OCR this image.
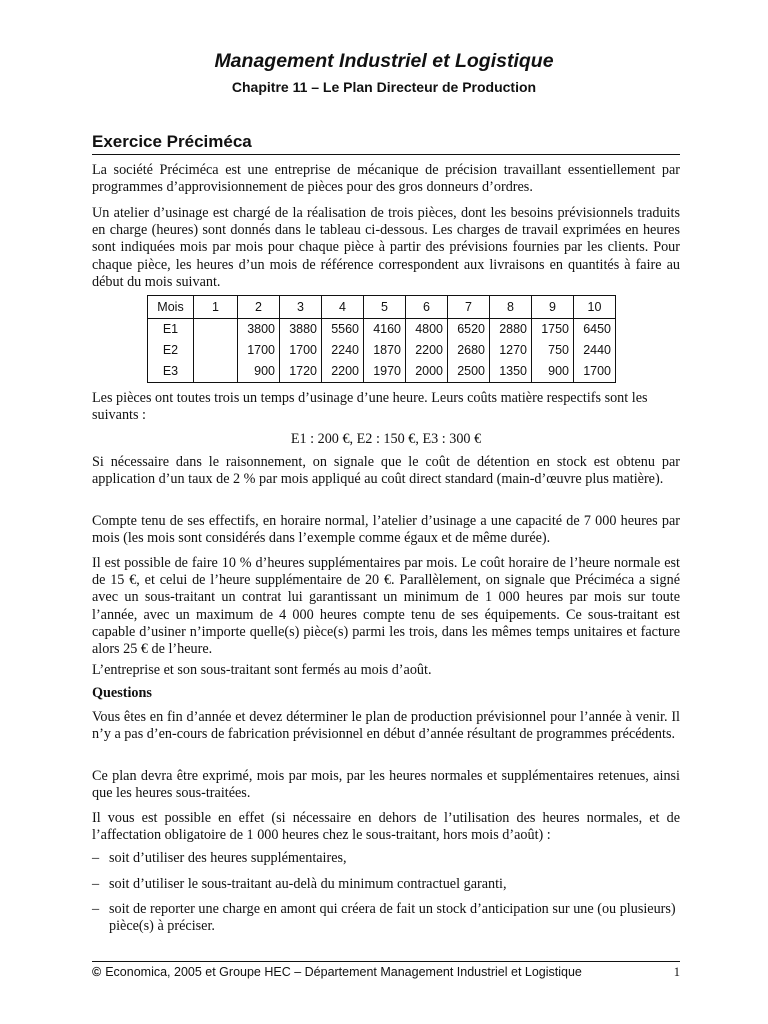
Management Industriel et Logistique
Chapitre 11 – Le Plan Directeur de Production
Exercice Préciméca

La société Préciméca est une entreprise de mécanique de précision travaillant essentiellement par programmes d’approvisionnement de pièces pour des gros donneurs d’ordres.

Un atelier d’usinage est chargé de la réalisation de trois pièces, dont les besoins prévisionnels traduits en charge (heures) sont donnés dans le tableau ci-dessous. Les charges de travail exprimées en heures sont indiquées mois par mois pour chaque pièce à partir des prévisions fournies par les clients. Pour chaque pièce, les heures d’un mois de référence correspondent aux livraisons en quantités à faire au début du mois suivant.

Mois	1	2	3	4	5	6	7	8	9	10
E1		3800	3880	5560	4160	4800	6520	2880	1750	6450
E2		1700	1700	2240	1870	2200	2680	1270	750	2440
E3		900	1720	2200	1970	2000	2500	1350	900	1700

Les pièces ont toutes trois un temps d’usinage d’une heure. Leurs coûts matière respectifs sont les suivants :

E1 : 200 €, E2 : 150 €, E3 : 300 €

Si nécessaire dans le raisonnement, on signale que le coût de détention en stock est obtenu par application d’un taux de 2 % par mois appliqué au coût direct standard (main-d’œuvre plus matière).

Compte tenu de ses effectifs, en horaire normal, l’atelier d’usinage a une capacité de 7 000 heures par mois (les mois sont considérés dans l’exemple comme égaux et de même durée).

Il est possible de faire 10 % d’heures supplémentaires par mois. Le coût horaire de l’heure normale est de 15 €, et celui de l’heure supplémentaire de 20 €. Parallèlement, on signale que Préciméca a signé avec un sous-traitant un contrat lui garantissant un minimum de 1 000 heures par mois sur toute l’année, avec un maximum de 4 000 heures compte tenu de ses équipements. Ce sous-traitant est capable d’usiner n’importe quelle(s) pièce(s) parmi les trois, dans les mêmes temps unitaires et facture alors 25 € de l’heure.

L’entreprise et son sous-traitant sont fermés au mois d’août.

Questions

Vous êtes en fin d’année et devez déterminer le plan de production prévisionnel pour l’année à venir. Il n’y a pas d’en-cours de fabrication prévisionnel en début d’année résultant de programmes précédents.

Ce plan devra être exprimé, mois par mois, par les heures normales et supplémentaires retenues, ainsi que les heures sous-traitées.

Il vous est possible en effet (si nécessaire en dehors de l’utilisation des heures normales, et de l’affectation obligatoire de 1 000 heures chez le sous-traitant, hors mois d’août) :

– soit d’utiliser des heures supplémentaires,
– soit d’utiliser le sous-traitant au-delà du minimum contractuel garanti,
– soit de reporter une charge en amont qui créera de fait un stock d’anticipation sur une (ou plusieurs) pièce(s) à préciser.
© Economica, 2005 et Groupe HEC – Département Management Industriel et Logistique	1
